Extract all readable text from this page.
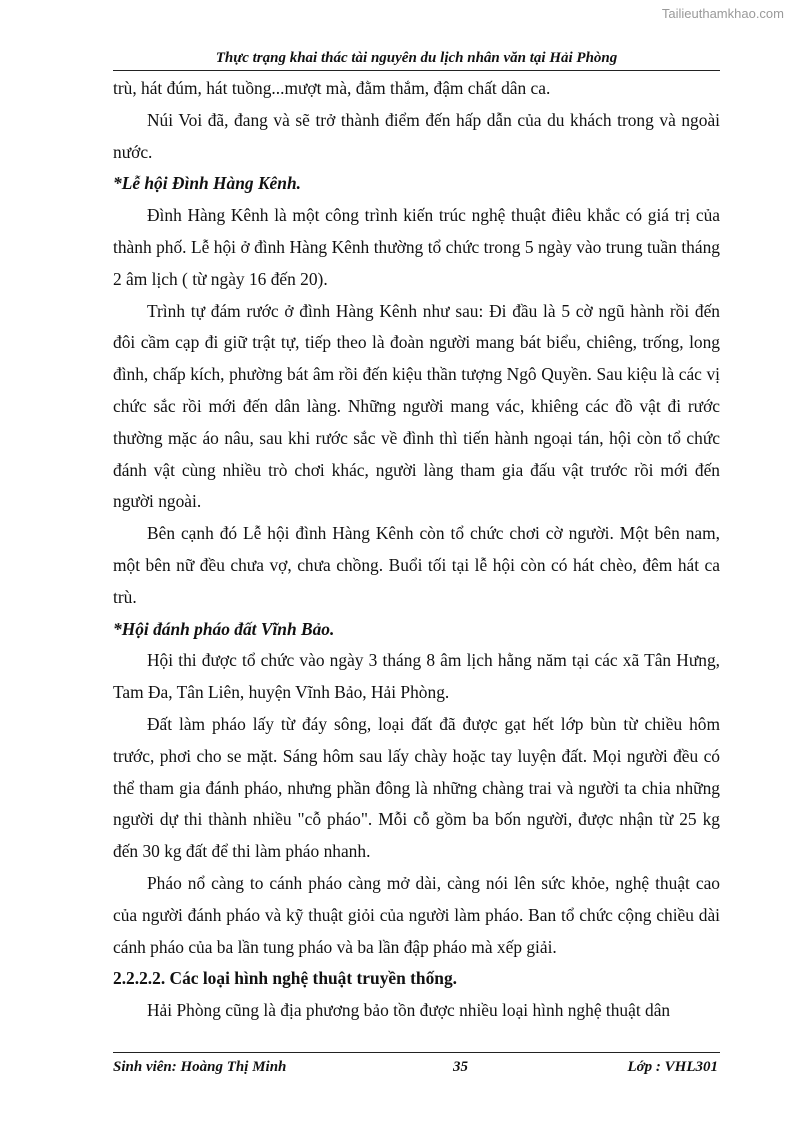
Tailieuthamkhao.com
Thực trạng khai thác tài nguyên du lịch nhân văn tại Hải Phòng

trù, hát đúm, hát tuồng...mượt mà, đằm thắm, đậm chất dân ca.

Núi Voi đã, đang và sẽ trở thành điểm đến hấp dẫn của du khách trong và ngoài nước.

*Lễ hội Đình Hàng Kênh.

Đình Hàng Kênh là một công trình kiến trúc nghệ thuật điêu khắc có giá trị của thành phố. Lễ hội ở đình Hàng Kênh thường tổ chức trong 5 ngày vào trung tuần tháng 2 âm lịch ( từ ngày 16 đến 20).

Trình tự đám rước ở đình Hàng Kênh như sau: Đi đầu là 5 cờ ngũ hành rồi đến đôi cầm cạp đi giữ trật tự, tiếp theo là đoàn người mang bát biểu, chiêng, trống, long đình, chấp kích, phường bát âm rồi đến kiệu thần tượng Ngô Quyền. Sau kiệu là các vị chức sắc rồi mới đến dân làng. Những người mang vác, khiêng các đồ vật đi rước thường mặc áo nâu, sau khi rước sắc về đình thì tiến hành ngoại tán, hội còn tổ chức đánh vật cùng nhiều trò chơi khác, người làng tham gia đấu vật trước rồi mới đến người ngoài.

Bên cạnh đó Lễ hội đình Hàng Kênh còn tổ chức chơi cờ người. Một bên nam, một bên nữ đều chưa vợ, chưa chồng. Buổi tối tại lễ hội còn có hát chèo, đêm hát ca trù.

*Hội đánh pháo đất Vĩnh Bảo.

Hội thi được tổ chức vào ngày 3 tháng 8 âm lịch hằng năm tại các xã Tân Hưng, Tam Đa, Tân Liên, huyện Vĩnh Bảo, Hải Phòng.

Đất làm pháo lấy từ đáy sông, loại đất đã được gạt hết lớp bùn từ chiều hôm trước, phơi cho se mặt. Sáng hôm sau lấy chày hoặc tay luyện đất. Mọi người đều có thể tham gia đánh pháo, nhưng phần đông là những chàng trai và người ta chia những người dự thi thành nhiều "cỗ pháo". Mỗi cỗ gồm ba bốn người, được nhận từ 25 kg đến 30 kg đất để thi làm pháo nhanh.

Pháo nổ càng to cánh pháo càng mở dài, càng nói lên sức khỏe, nghệ thuật cao của người đánh pháo và kỹ thuật giỏi của người làm pháo. Ban tổ chức cộng chiều dài cánh pháo của ba lần tung pháo và ba lần đập pháo mà xếp giải.

2.2.2.2. Các loại hình nghệ thuật truyền thống.

Hải Phòng cũng là địa phương bảo tồn được nhiều loại hình nghệ thuật dân

Sinh viên: Hoàng Thị Minh	35	Lớp : VHL301
